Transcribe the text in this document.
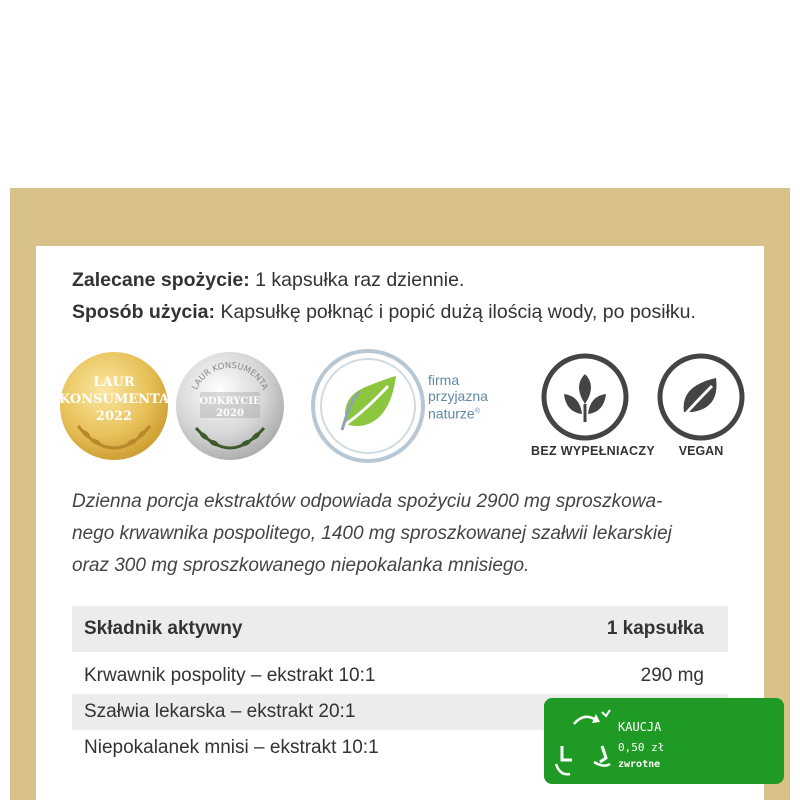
Zalecane spożycie: 1 kapsułka raz dziennie.
Sposób użycia: Kapsułkę połknąć i popić dużą ilością wody, po posiłku.
LAUR
KONSUMENTA
2022
LAUR KONSUMENTA
ODKRYCIE
2020
firma
przyjazna
naturze®
BEZ WYPEŁNIACZY	VEGAN
Dzienna porcja ekstraktów odpowiada spożyciu 2900 mg sproszkowa-
nego krwawnika pospolitego, 1400 mg sproszkowanej szałwii lekarskiej
oraz 300 mg sproszkowanego niepokalanka mnisiego.
Składnik aktywny	1 kapsułka
Krwawnik pospolity – ekstrakt 10:1	290 mg
Szałwia lekarska – ekstrakt 20:1
Niepokalanek mnisi – ekstrakt 10:1
KAUCJA
0,50 zł
zwrotne
